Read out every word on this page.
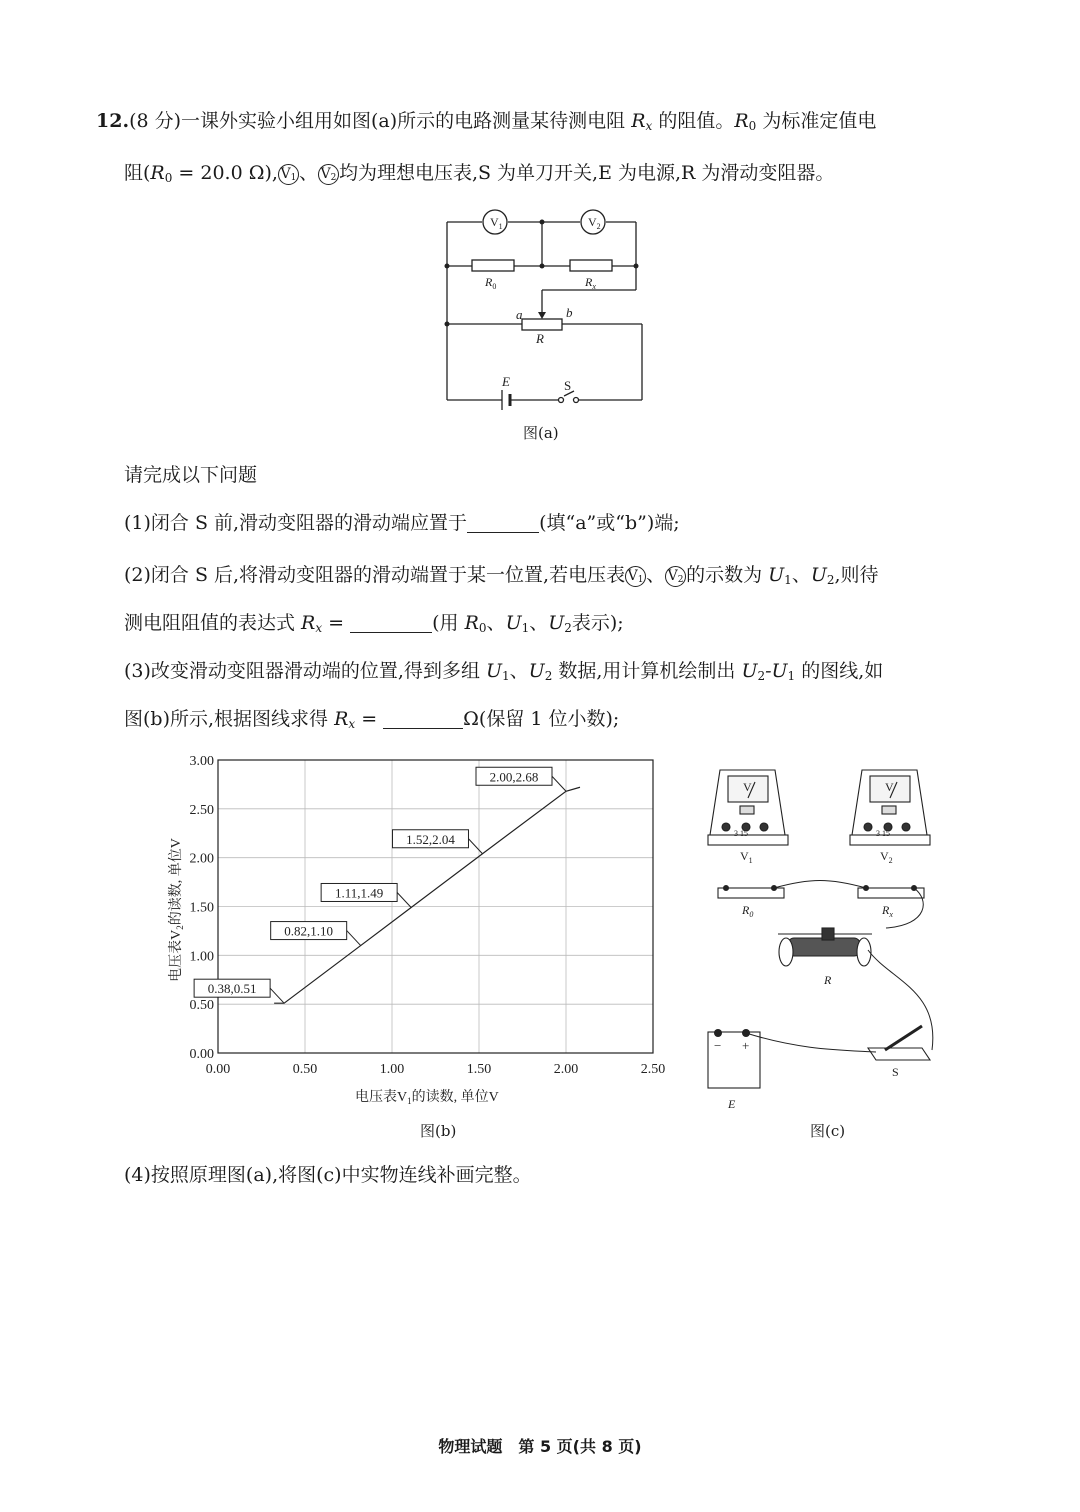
12.(8 分)一课外实验小组用如图(a)所示的电路测量某待测电阻 $R_x$ 的阻值。$R_0$ 为标准定值电
阻($R_0 = 20.0$ Ω), $V_1$ 、 $V_2$ 均为理想电压表,S 为单刀开关,E 为电源,R 为滑动变阻器。
$V_1$	$V_2$
$R_0$	$R_x$
a	b
R
E	S
图(a)
请完成以下问题
(1)闭合 S 前,滑动变阻器的滑动端应置于	(填“a”或“b”)端;
(2)闭合 S 后,将滑动变阻器的滑动端置于某一位置,若电压表 $V_1$ 、 $V_2$ 的示数为 $U_1$、$U_2$,则待
测电阻阻值的表达式 $R_x$ =	(用 $R_0$、$U_1$、$U_2$表示);
(3)改变滑动变阻器滑动端的位置,得到多组 $U_1$、$U_2$ 数据,用计算机绘制出 $U_2-U_1$ 的图线,如
图(b)所示,根据图线求得 $R_x$ =	Ω(保留 1 位小数);
0.00	0.50	1.00	1.50	2.00	2.50
0.00
0.50
1.00
1.50
2.00
2.50
3.00
0.38,0.51
0.82,1.10
1.11,1.49
1.52,2.04
2.00,2.68
电压表$V_1$的读数, 单位V
电压表$V_2$的读数, 单位V
图(b)
V	V
3 15	3 15
$V_1$	$V_2$
$R_0$	$R_x$
R
− +
E
S
图(c)
(4)按照原理图(a),将图(c)中实物连线补画完整。
物理试题　第 5 页(共 8 页)
